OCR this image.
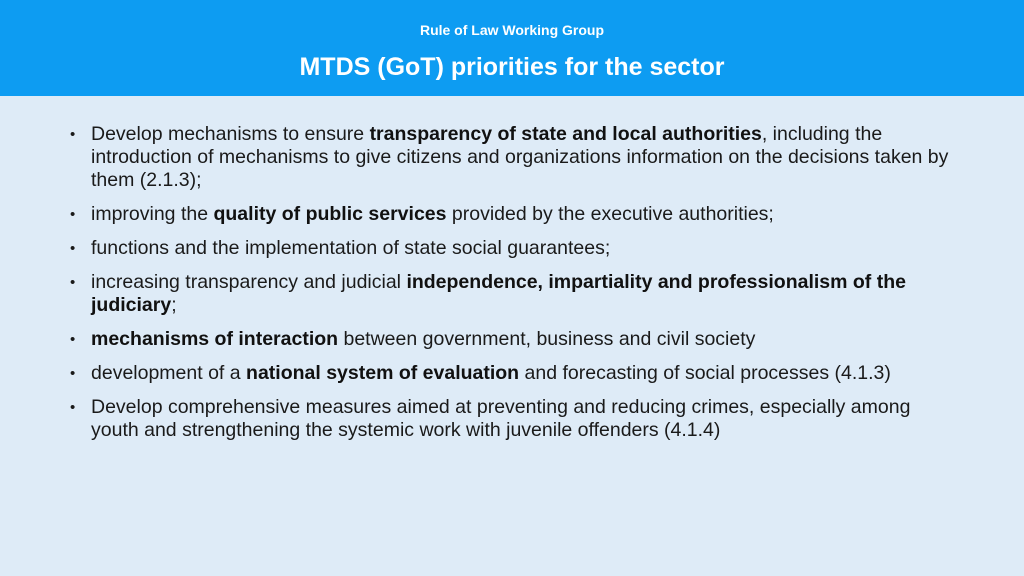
Rule of Law Working Group
MTDS (GoT) priorities for the sector
• Develop mechanisms to ensure transparency of state and local authorities, including the introduction of mechanisms to give citizens and organizations information on the decisions taken by them (2.1.3);
• improving the quality of public services provided by the executive authorities;
• functions and the implementation of state social guarantees;
• increasing transparency and judicial independence, impartiality and professionalism of the judiciary;
• mechanisms of interaction between government, business and civil society
• development of a national system of evaluation and forecasting of social processes (4.1.3)
• Develop comprehensive measures aimed at preventing and reducing crimes, especially among youth and strengthening the systemic work with juvenile offenders (4.1.4)
